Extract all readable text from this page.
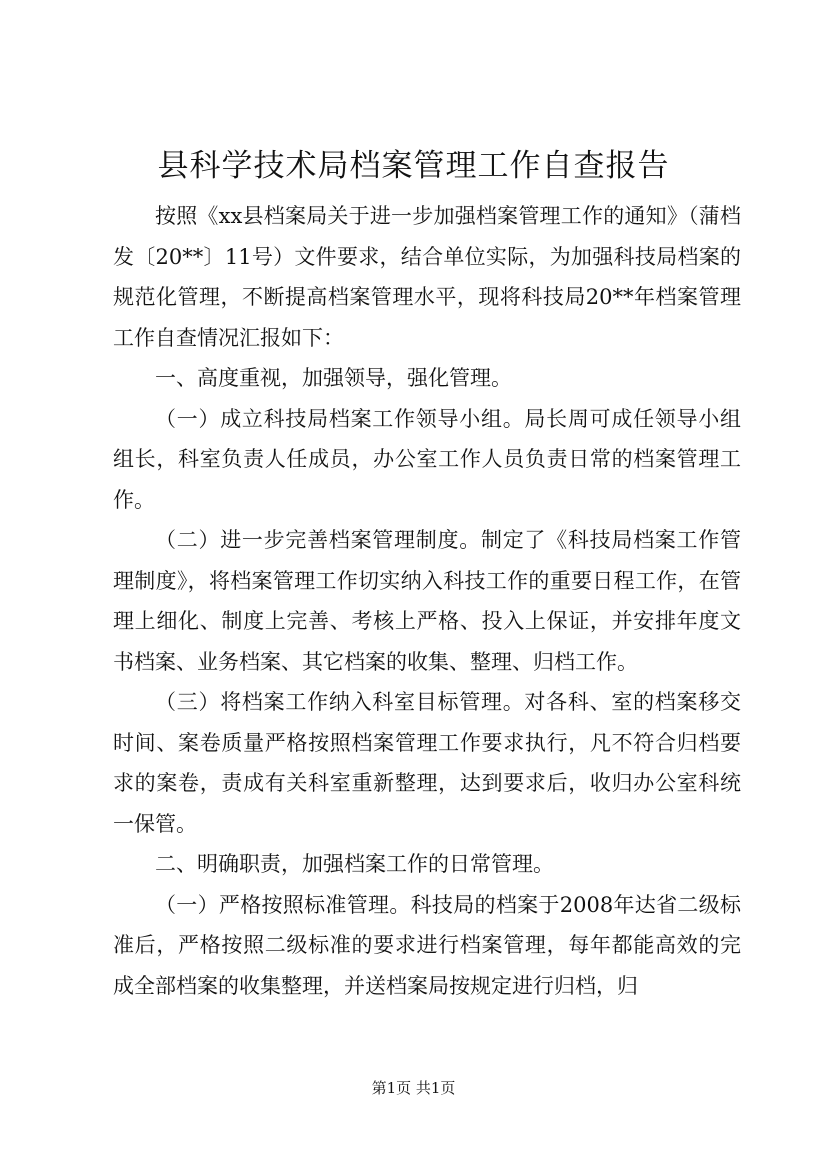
县科学技术局档案管理工作自查报告

按照《xx县档案局关于进一步加强档案管理工作的通知》（蒲档发〔20**〕11号）文件要求，结合单位实际，为加强科技局档案的规范化管理，不断提高档案管理水平，现将科技局20**年档案管理工作自查情况汇报如下：

一、高度重视，加强领导，强化管理。

（一）成立科技局档案工作领导小组。局长周可成任领导小组组长，科室负责人任成员，办公室工作人员负责日常的档案管理工作。

（二）进一步完善档案管理制度。制定了《科技局档案工作管理制度》，将档案管理工作切实纳入科技工作的重要日程工作，在管理上细化、制度上完善、考核上严格、投入上保证，并安排年度文书档案、业务档案、其它档案的收集、整理、归档工作。

（三）将档案工作纳入科室目标管理。对各科、室的档案移交时间、案卷质量严格按照档案管理工作要求执行，凡不符合归档要求的案卷，责成有关科室重新整理，达到要求后，收归办公室科统一保管。

二、明确职责，加强档案工作的日常管理。

（一）严格按照标准管理。科技局的档案于2008年达省二级标准后，严格按照二级标准的要求进行档案管理，每年都能高效的完成全部档案的收集整理，并送档案局按规定进行归档，归

第1页 共1页
